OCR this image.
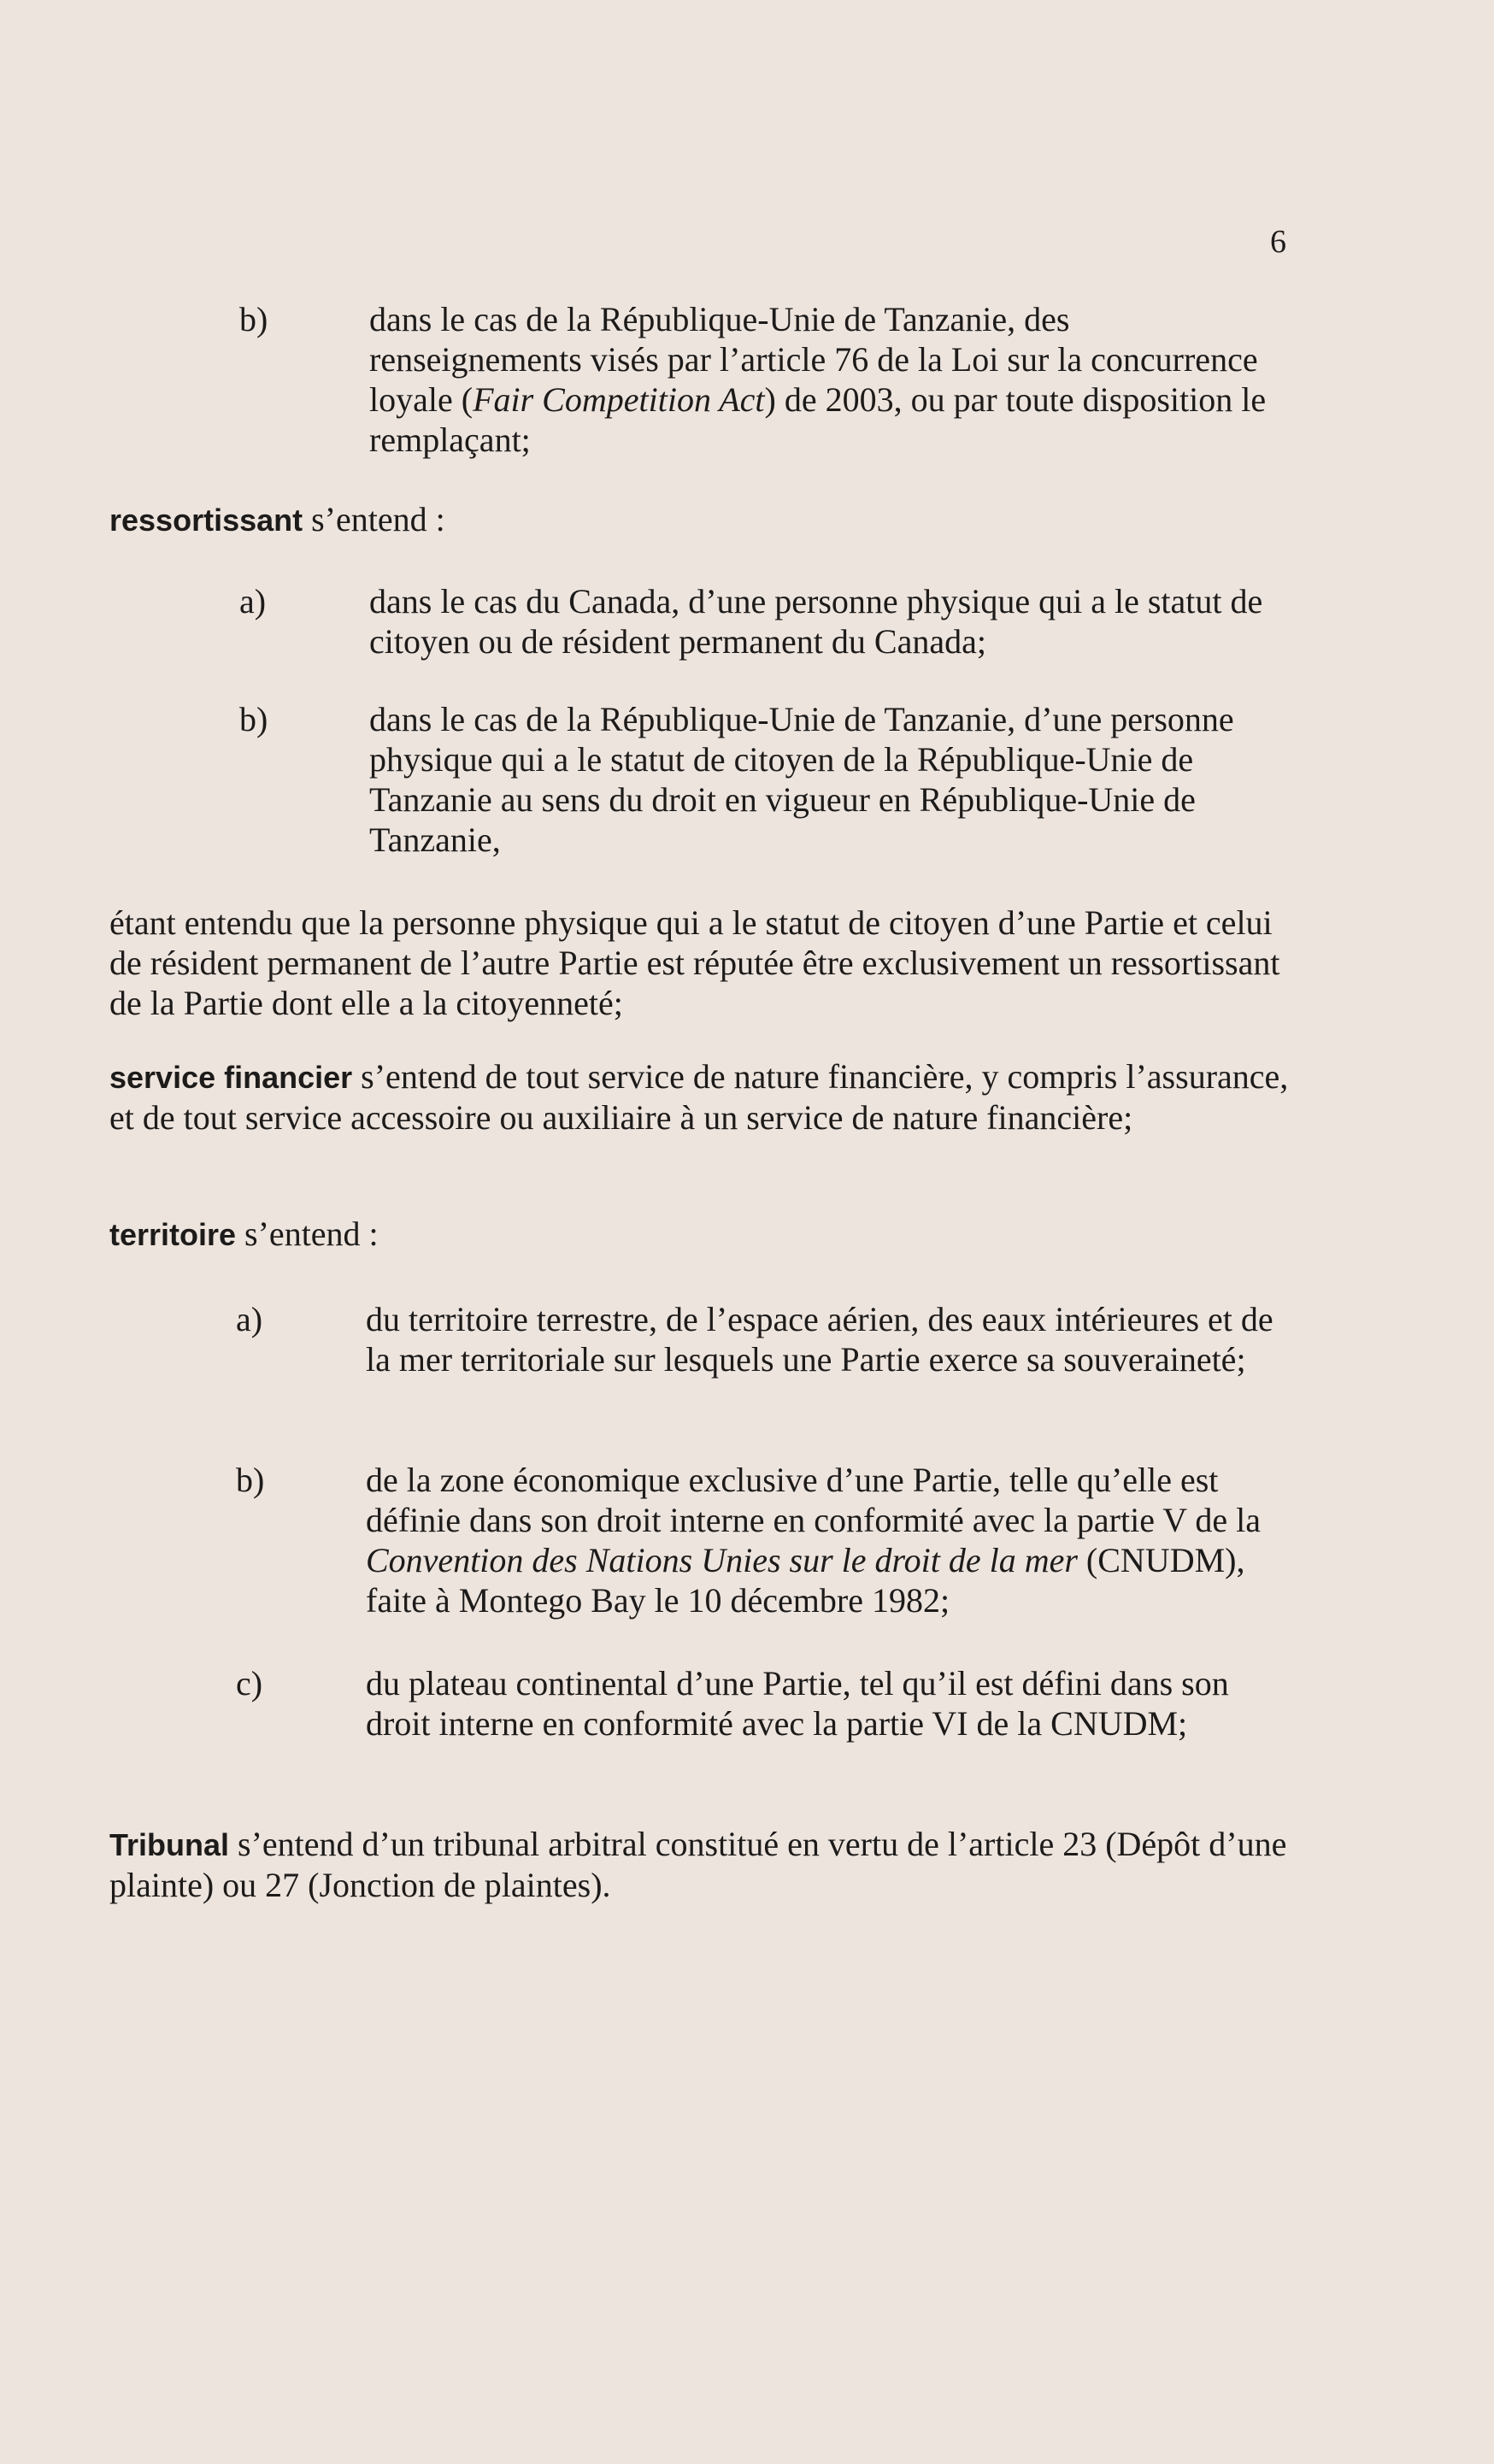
6
b)	dans le cas de la République-Unie de Tanzanie, des renseignements visés par l’article 76 de la Loi sur la concurrence loyale (Fair Competition Act) de 2003, ou par toute disposition le remplaçant;
ressortissant s’entend :
a)	dans le cas du Canada, d’une personne physique qui a le statut de citoyen ou de résident permanent du Canada;
b)	dans le cas de la République-Unie de Tanzanie, d’une personne physique qui a le statut de citoyen de la République-Unie de Tanzanie au sens du droit en vigueur en République-Unie de Tanzanie,
étant entendu que la personne physique qui a le statut de citoyen d’une Partie et celui de résident permanent de l’autre Partie est réputée être exclusivement un ressortissant de la Partie dont elle a la citoyenneté;
service financier s’entend de tout service de nature financière, y compris l’assurance, et de tout service accessoire ou auxiliaire à un service de nature financière;
territoire s’entend :
a)	du territoire terrestre, de l’espace aérien, des eaux intérieures et de la mer territoriale sur lesquels une Partie exerce sa souveraineté;
b)	de la zone économique exclusive d’une Partie, telle qu’elle est définie dans son droit interne en conformité avec la partie V de la Convention des Nations Unies sur le droit de la mer (CNUDM), faite à Montego Bay le 10 décembre 1982;
c)	du plateau continental d’une Partie, tel qu’il est défini dans son droit interne en conformité avec la partie VI de la CNUDM;
Tribunal s’entend d’un tribunal arbitral constitué en vertu de l’article 23 (Dépôt d’une plainte) ou 27 (Jonction de plaintes).
